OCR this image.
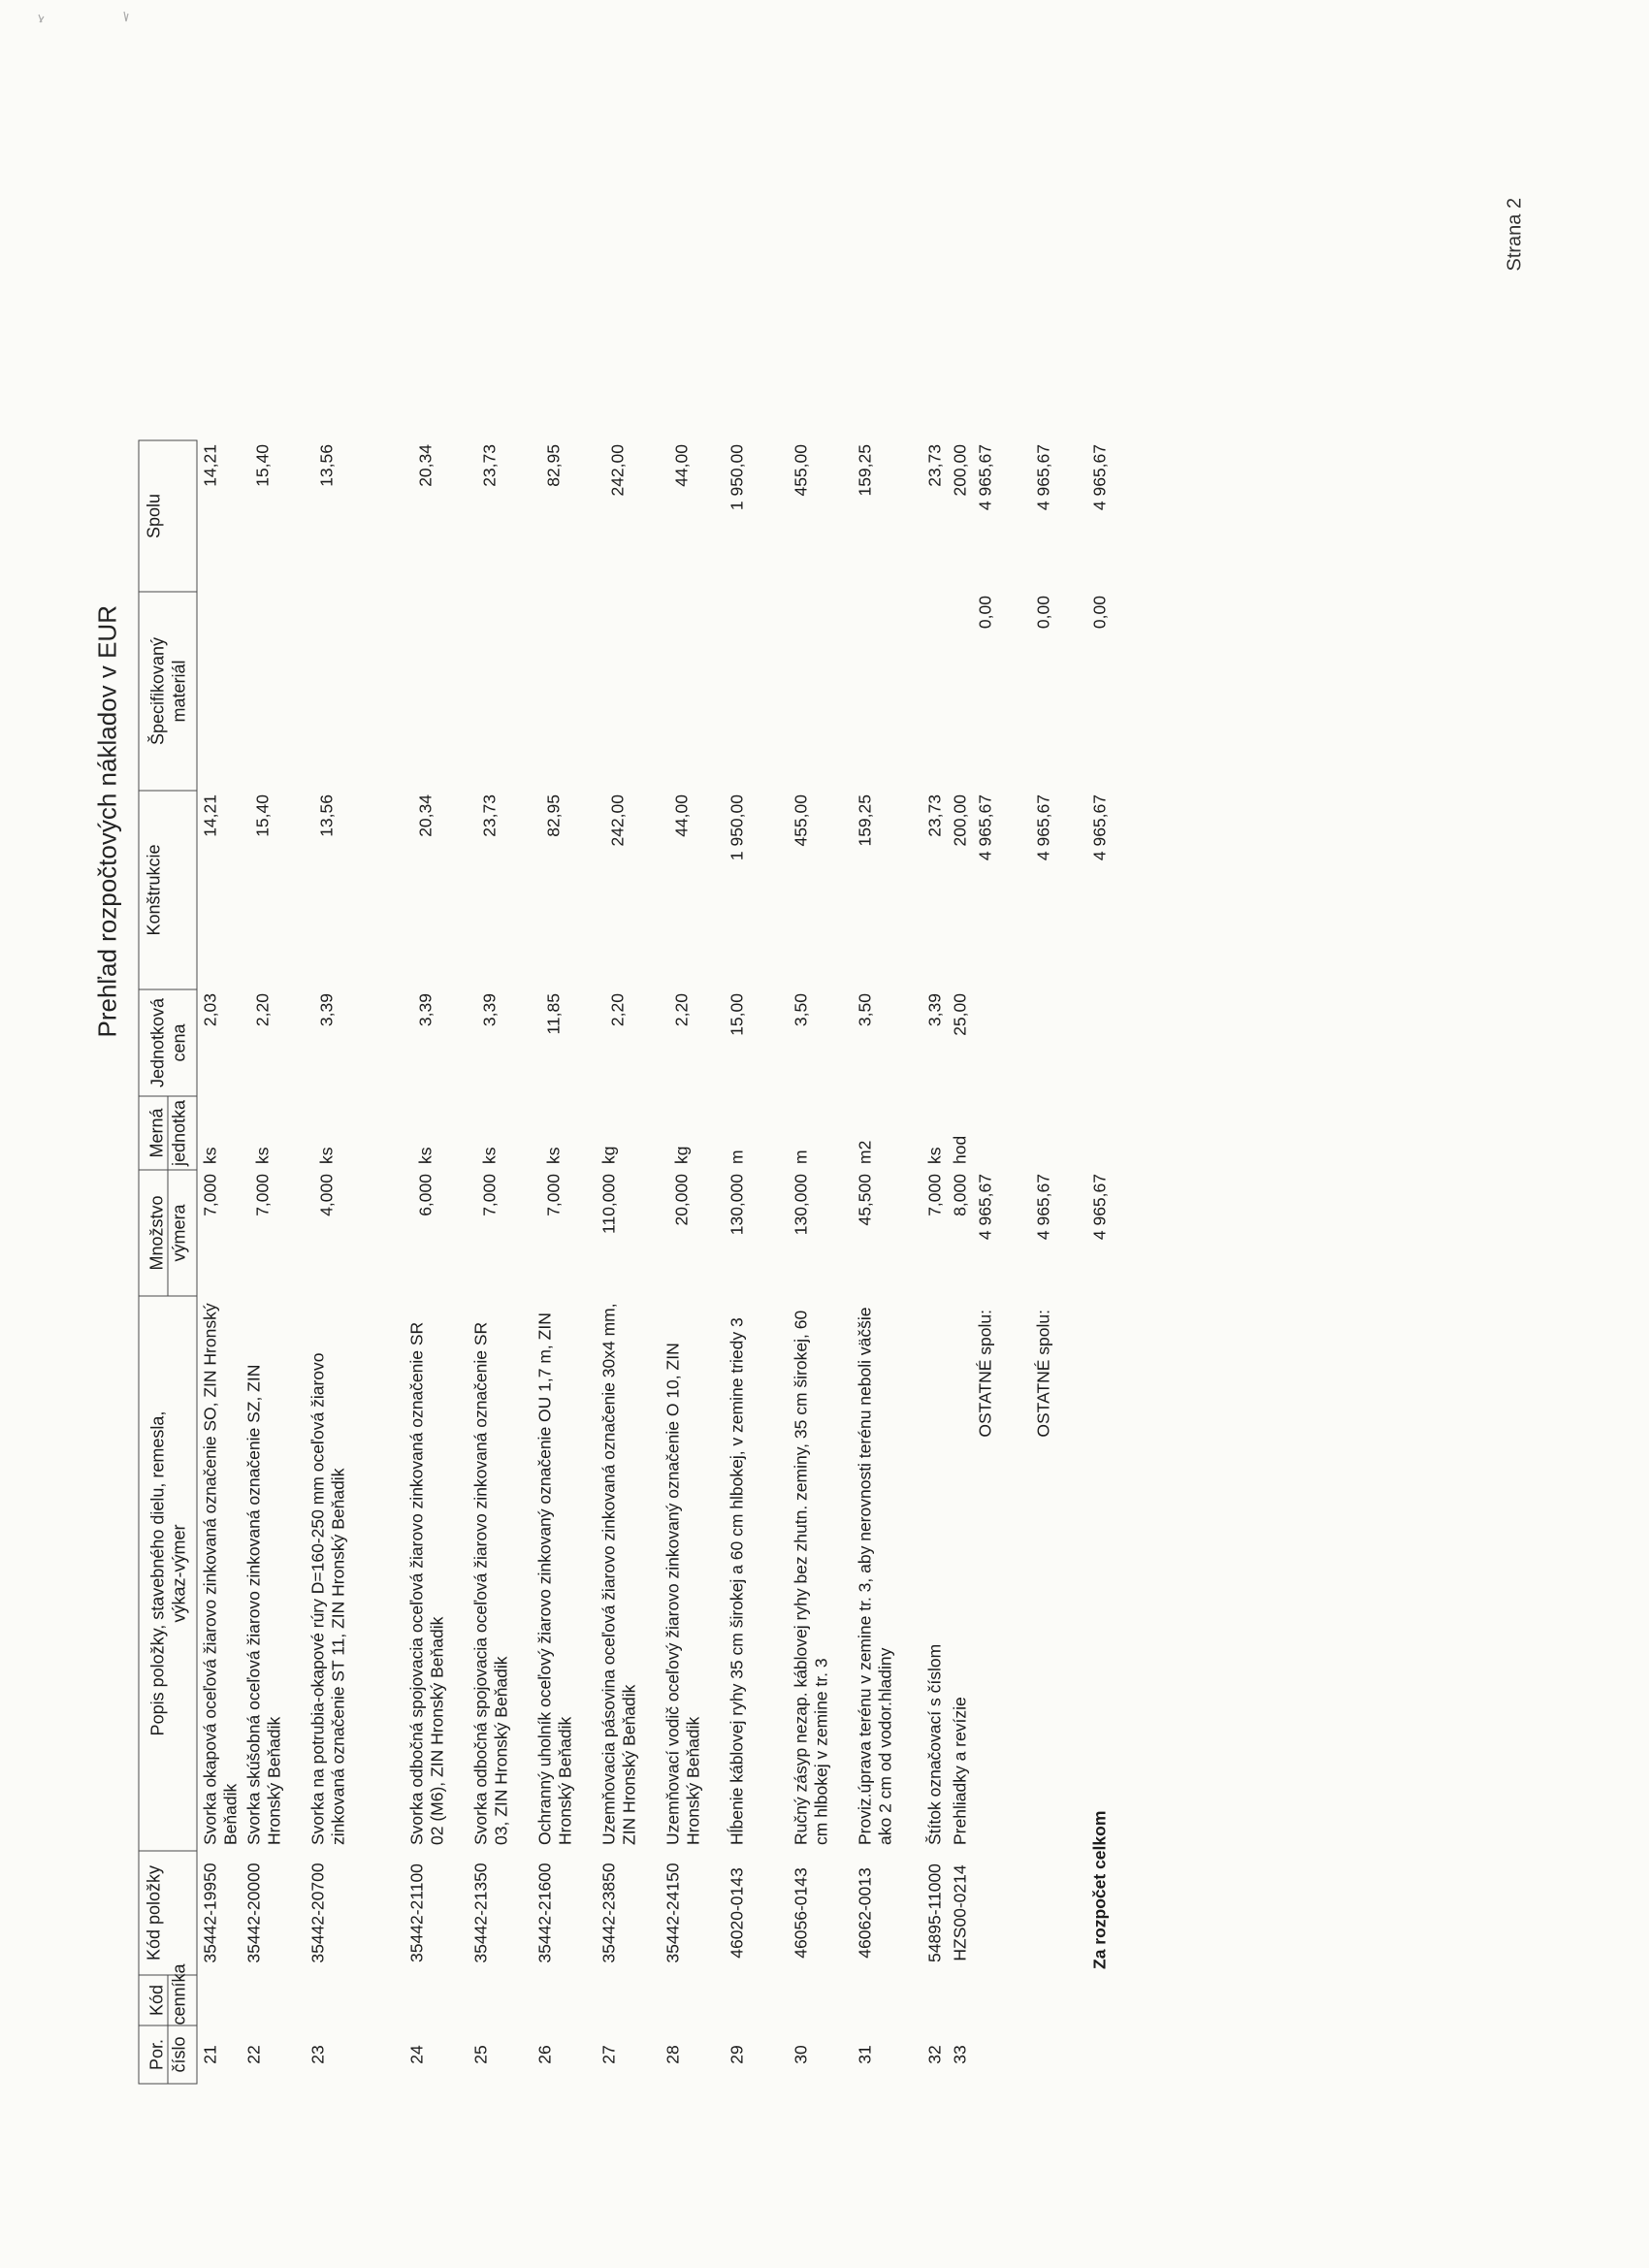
Prehľad rozpočtových nákladov v EUR
Por. číslo	Kód cenníka	Kód položky	Popis položky, stavebného dielu, remesla, výkaz-výmer	Množstvo výmera	Merná jednotka	Jednotková cena	Konštrukcie	Špecifikovaný materiál	Spolu
21		35442-19950	Svorka okapová oceľová žiarovo zinkovaná označenie SO, ZIN Hronský Beňadik	7,000	ks	2,03	14,21		14,21
22		35442-20000	Svorka skúšobná oceľová žiarovo zinkovaná označenie SZ, ZIN Hronský Beňadik	7,000	ks	2,20	15,40		15,40
23		35442-20700	Svorka na potrubia-okapové rúry D=160-250 mm oceľová žiarovo zinkovaná označenie ST 11, ZIN Hronský Beňadik	4,000	ks	3,39	13,56		13,56
24		35442-21100	Svorka odbočná spojovacia oceľová žiarovo zinkovaná označenie SR 02 (M6), ZIN Hronský Beňadik	6,000	ks	3,39	20,34		20,34
25		35442-21350	Svorka odbočná spojovacia oceľová žiarovo zinkovaná označenie SR 03, ZIN Hronský Beňadik	7,000	ks	3,39	23,73		23,73
26		35442-21600	Ochranný uholník oceľový žiarovo zinkovaný označenie OU 1,7 m, ZIN Hronský Beňadik	7,000	ks	11,85	82,95		82,95
27		35442-23850	Uzemňovacia pásovina oceľová žiarovo zinkovaná označenie 30x4 mm, ZIN Hronský Beňadik	110,000	kg	2,20	242,00		242,00
28		35442-24150	Uzemňovací vodič oceľový žiarovo zinkovaný označenie O 10, ZIN Hronský Beňadik	20,000	kg	2,20	44,00		44,00
29		46020-0143	Hĺbenie káblovej ryhy 35 cm širokej a 60 cm hlbokej, v zemine triedy 3	130,000	m	15,00	1 950,00		1 950,00
30		46056-0143	Ručný zásyp nezap. káblovej ryhy bez zhutn. zeminy, 35 cm širokej, 60 cm hlbokej v zemine tr. 3	130,000	m	3,50	455,00		455,00
31		46062-0013	Proviz.úprava terénu v zemine tr. 3, aby nerovnosti terénu neboli väčšie ako 2 cm od vodor.hladiny	45,500	m2	3,50	159,25		159,25
32		54895-11000	Štítok označovací s číslom	7,000	ks	3,39	23,73		23,73
33		HZS00-0214	Prehliadky a revízie	8,000	hod	25,00	200,00		200,00
OSTATNÉ spolu:				4 965,67			4 965,67	0,00	4 965,67
OSTATNÉ spolu:				4 965,67			4 965,67	0,00	4 965,67
		Za rozpočet celkom		4 965,67			4 965,67	0,00	4 965,67
Strana 2
